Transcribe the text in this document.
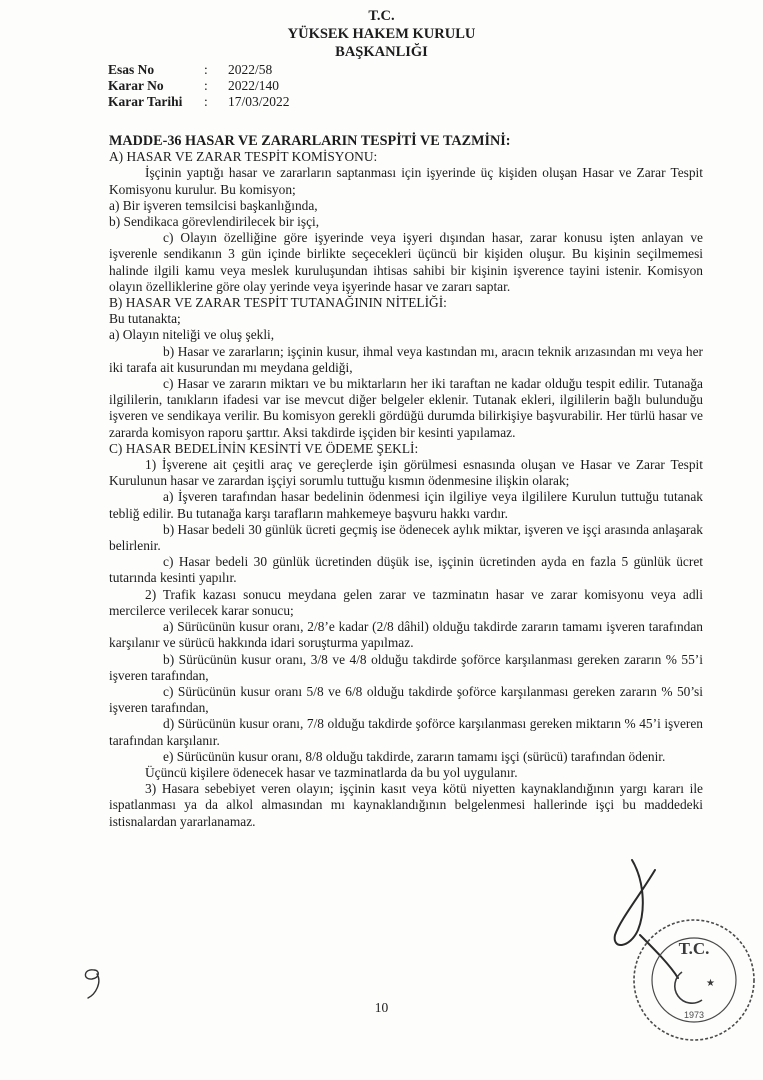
T.C.
YÜKSEK HAKEM KURULU
BAŞKANLIĞI
Esas No	: 2022/58
Karar No	: 2022/140
Karar Tarihi : 17/03/2022

MADDE-36 HASAR VE ZARARLARIN TESPİTİ VE TAZMİNİ:

A) HASAR VE ZARAR TESPİT KOMİSYONU:

İşçinin yaptığı hasar ve zararların saptanması için işyerinde üç kişiden oluşan Hasar ve Zarar Tespit Komisyonu kurulur. Bu komisyon;

a) Bir işveren temsilcisi başkanlığında,

b) Sendikaca görevlendirilecek bir işçi,

c) Olayın özelliğine göre işyerinde veya işyeri dışından hasar, zarar konusu işten anlayan ve işverenle sendikanın 3 gün içinde birlikte seçecekleri üçüncü bir kişiden oluşur. Bu kişinin seçilmemesi halinde ilgili kamu veya meslek kuruluşundan ihtisas sahibi bir kişinin işverence tayini istenir. Komisyon olayın özelliklerine göre olay yerinde veya işyerinde hasar ve zararı saptar.

B) HASAR VE ZARAR TESPİT TUTANAĞININ NİTELİĞİ:

Bu tutanakta;

a) Olayın niteliği ve oluş şekli,

b) Hasar ve zararların; işçinin kusur, ihmal veya kastından mı, aracın teknik arızasından mı veya her iki tarafa ait kusurundan mı meydana geldiği,

c) Hasar ve zararın miktarı ve bu miktarların her iki taraftan ne kadar olduğu tespit edilir. Tutanağa ilgililerin, tanıkların ifadesi var ise mevcut diğer belgeler eklenir. Tutanak ekleri, ilgililerin bağlı bulunduğu işveren ve sendikaya verilir. Bu komisyon gerekli gördüğü durumda bilirkişiye başvurabilir. Her türlü hasar ve zararda komisyon raporu şarttır. Aksi takdirde işçiden bir kesinti yapılamaz.

C) HASAR BEDELİNİN KESİNTİ VE ÖDEME ŞEKLİ:

1) İşverene ait çeşitli araç ve gereçlerde işin görülmesi esnasında oluşan ve Hasar ve Zarar Tespit Kurulunun hasar ve zarardan işçiyi sorumlu tuttuğu kısmın ödenmesine ilişkin olarak;

a) İşveren tarafından hasar bedelinin ödenmesi için ilgiliye veya ilgililere Kurulun tuttuğu tutanak tebliğ edilir. Bu tutanağa karşı tarafların mahkemeye başvuru hakkı vardır.

b) Hasar bedeli 30 günlük ücreti geçmiş ise ödenecek aylık miktar, işveren ve işçi arasında anlaşarak belirlenir.

c) Hasar bedeli 30 günlük ücretinden düşük ise, işçinin ücretinden ayda en fazla 5 günlük ücret tutarında kesinti yapılır.

2) Trafik kazası sonucu meydana gelen zarar ve tazminatın hasar ve zarar komisyonu veya adli mercilerce verilecek karar sonucu;

a) Sürücünün kusur oranı, 2/8’e kadar (2/8 dâhil) olduğu takdirde zararın tamamı işveren tarafından karşılanır ve sürücü hakkında idari soruşturma yapılmaz.

b) Sürücünün kusur oranı, 3/8 ve 4/8 olduğu takdirde şoförce karşılanması gereken zararın % 55’i işveren tarafından,

c) Sürücünün kusur oranı 5/8 ve 6/8 olduğu takdirde şoförce karşılanması gereken zararın % 50’si işveren tarafından,

d) Sürücünün kusur oranı, 7/8 olduğu takdirde şoförce karşılanması gereken miktarın % 45’i işveren tarafından karşılanır.

e) Sürücünün kusur oranı, 8/8 olduğu takdirde, zararın tamamı işçi (sürücü) tarafından ödenir.

Üçüncü kişilere ödenecek hasar ve tazminatlarda da bu yol uygulanır.

3) Hasara sebebiyet veren olayın; işçinin kasıt veya kötü niyetten kaynaklandığının yargı kararı ile ispatlanması ya da alkol almasından mı kaynaklandığının belgelenmesi hallerinde işçi bu maddedeki istisnalardan yararlanamaz.

10
T.C.
★
1973
